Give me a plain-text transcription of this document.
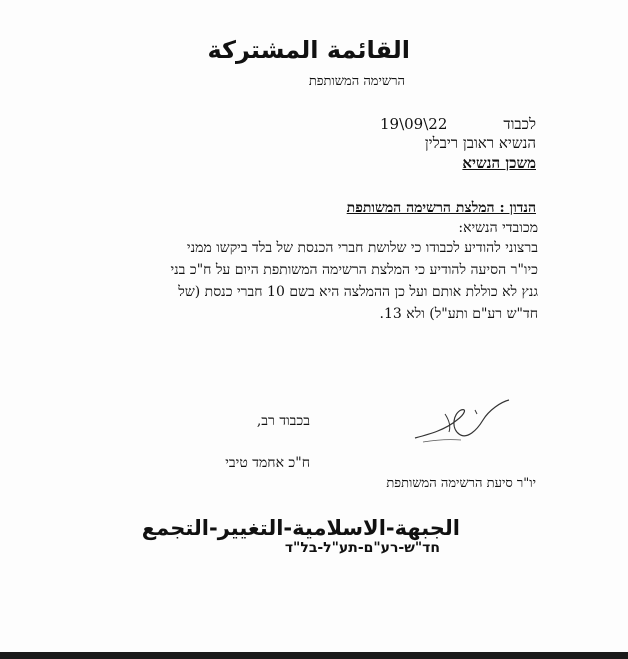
القائمة المشتركة
הרשימה המשותפת
לכבוד
19\09\22
הנשיא ראובן ריבלין
משכן הנשיא
הנדון : המלצת הרשימה המשותפת
מכובדי הנשיא:
ברצוני להודיע לכבודו כי שלושת חברי הכנסת של בלד ביקשו ממני
כיו"ר הסיעה להודיע כי המלצת הרשימה המשותפת היום על ח"כ בני
גנץ לא כוללת אותם ועל כן ההמלצה היא בשם 10 חברי כנסת (של
חד"ש רע"ם ותע"ל) ולא 13.
בכבוד רב,
ח"כ אחמד טיבי
יו"ר סיעת הרשימה המשותפת
الجبهة-الاسلامية-التغيير-التجمع
חד"ש-רע"ם-תע"ל-בל"ד
